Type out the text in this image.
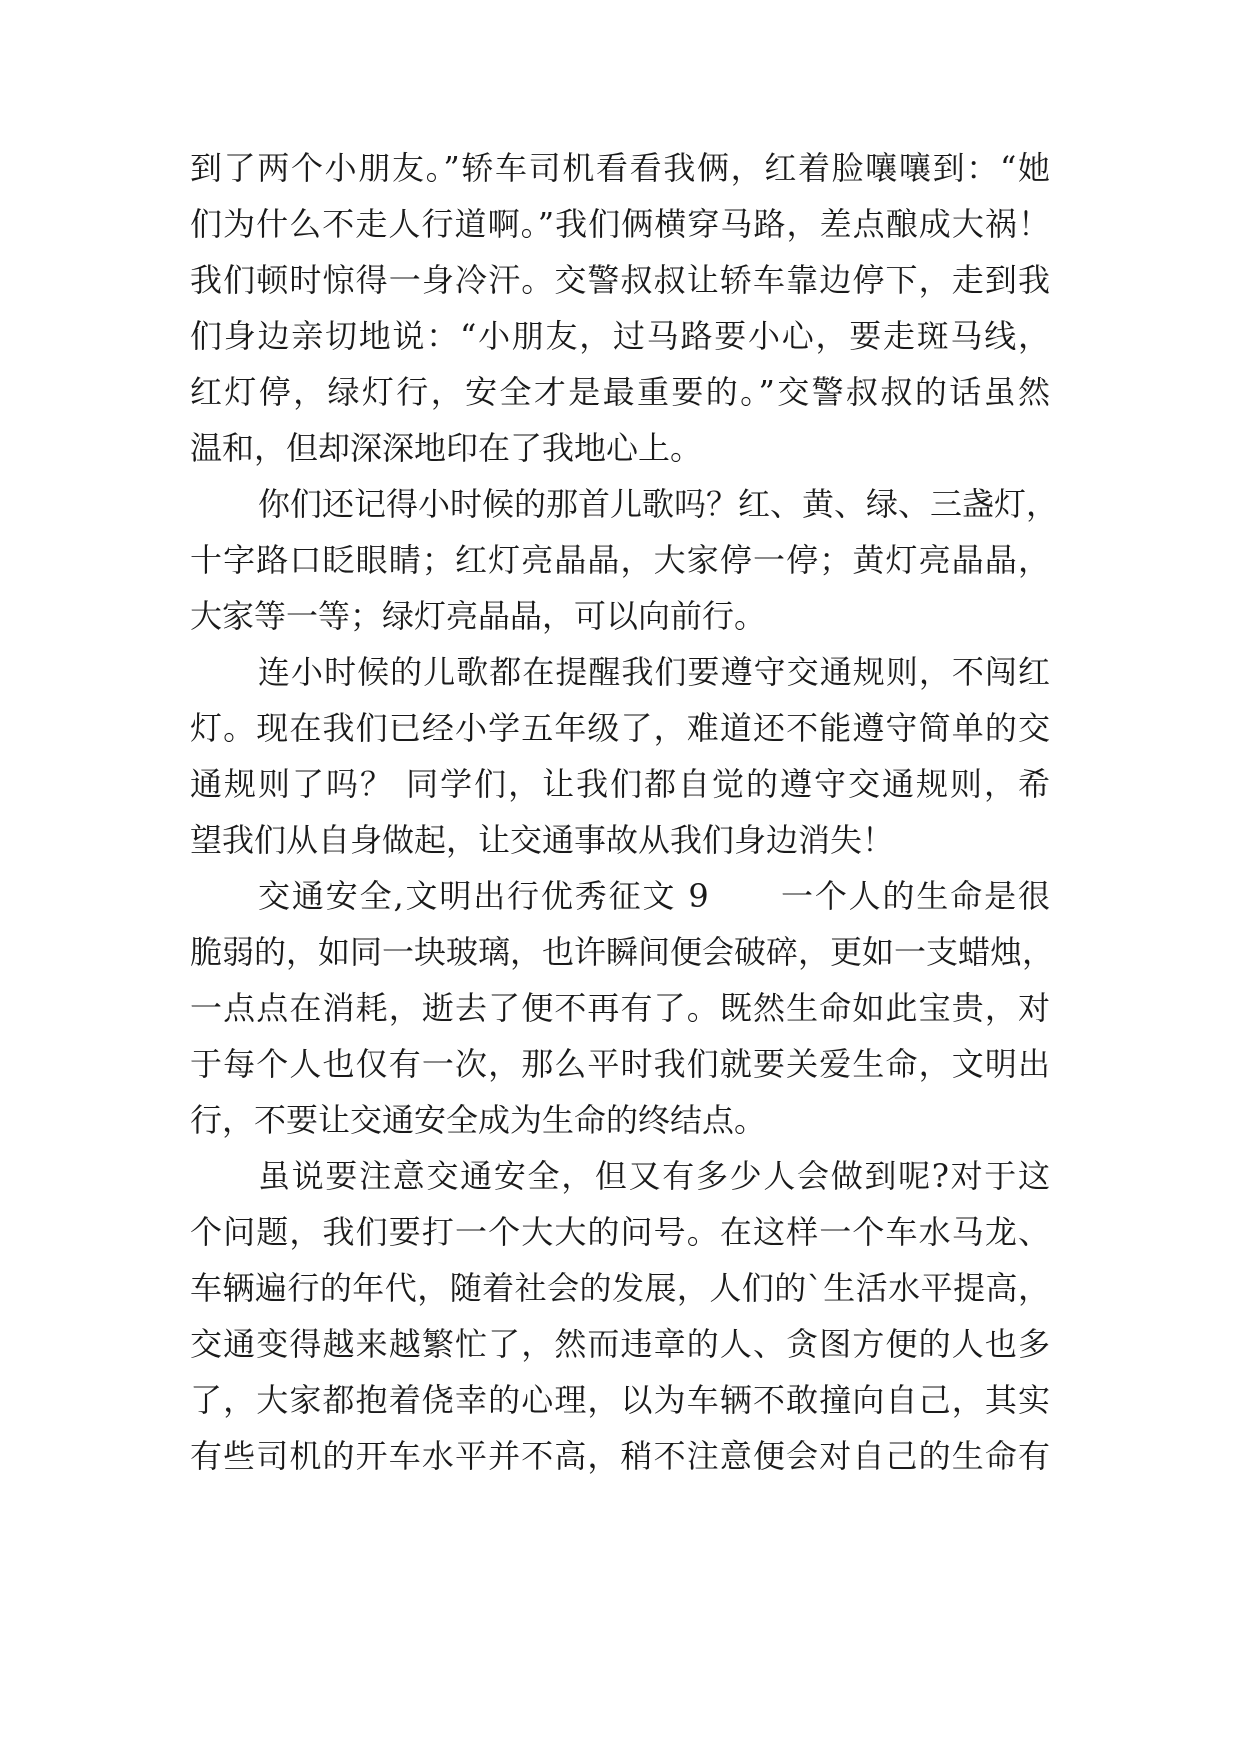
到了两个小朋友。”轿车司机看看我俩，红着脸嚷嚷到：“她
们为什么不走人行道啊。”我们俩横穿马路，差点酿成大祸！
我们顿时惊得一身冷汗。交警叔叔让轿车靠边停下，走到我
们身边亲切地说：“小朋友，过马路要小心，要走斑马线，
红灯停，绿灯行，安全才是最重要的。”交警叔叔的话虽然
温和，但却深深地印在了我地心上。
你们还记得小时候的那首儿歌吗？红、黄、绿、三盏灯，
十字路口眨眼睛；红灯亮晶晶，大家停一停；黄灯亮晶晶，
大家等一等；绿灯亮晶晶，可以向前行。
连小时候的儿歌都在提醒我们要遵守交通规则，不闯红
灯。现在我们已经小学五年级了，难道还不能遵守简单的交
通规则了吗？ 同学们，让我们都自觉的遵守交通规则，希
望我们从自身做起，让交通事故从我们身边消失！
交通安全,文明出行优秀征文 9      一个人的生命是很
脆弱的，如同一块玻璃，也许瞬间便会破碎，更如一支蜡烛，
一点点在消耗，逝去了便不再有了。既然生命如此宝贵，对
于每个人也仅有一次，那么平时我们就要关爱生命，文明出
行，不要让交通安全成为生命的终结点。
虽说要注意交通安全，但又有多少人会做到呢?对于这
个问题，我们要打一个大大的问号。在这样一个车水马龙、
车辆遍行的年代，随着社会的发展，人们的`生活水平提高，
交通变得越来越繁忙了，然而违章的人、贪图方便的人也多
了，大家都抱着侥幸的心理，以为车辆不敢撞向自己，其实
有些司机的开车水平并不高，稍不注意便会对自己的生命有
